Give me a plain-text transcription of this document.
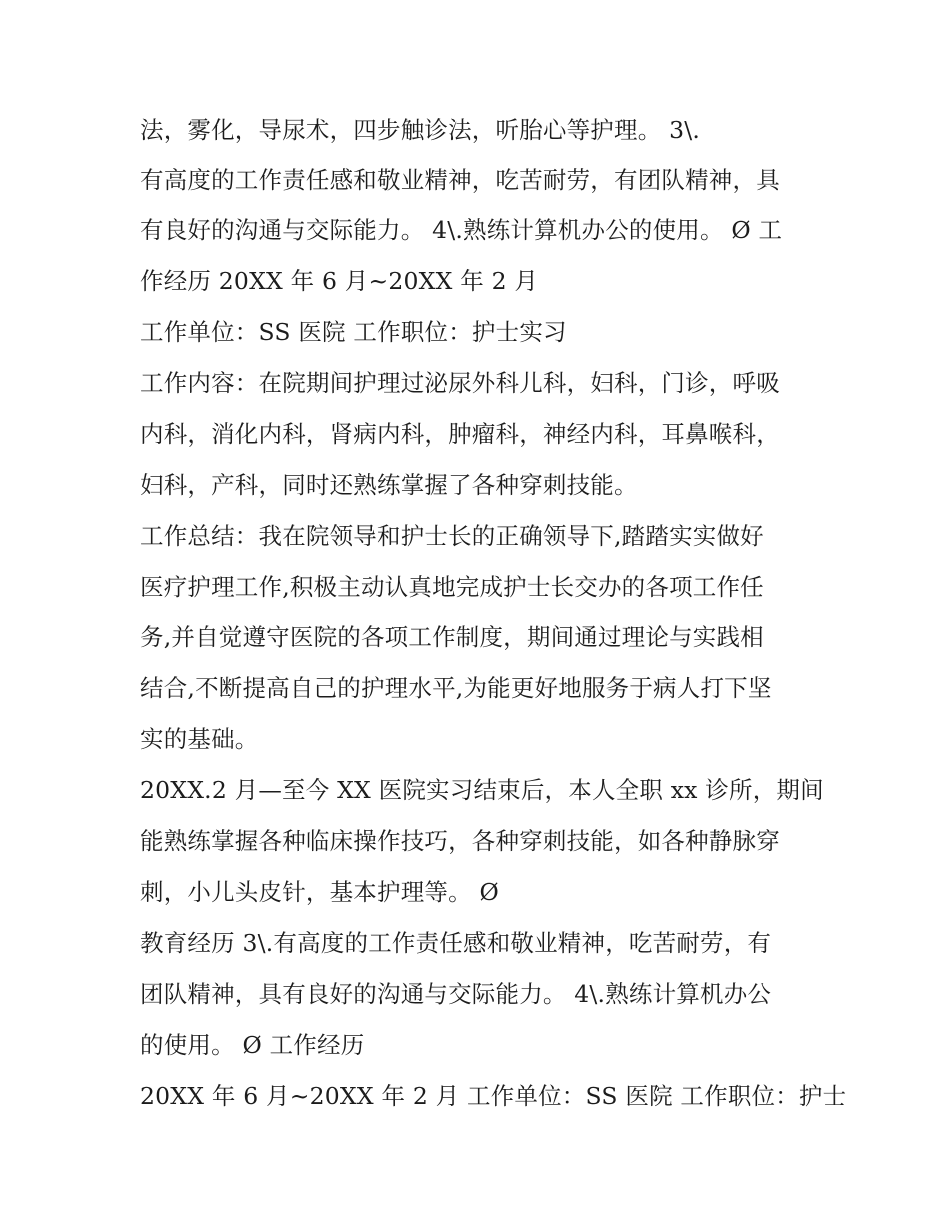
法，雾化，导尿术，四步触诊法，听胎心等护理。 3\.
有高度的工作责任感和敬业精神，吃苦耐劳，有团队精神，具
有良好的沟通与交际能力。 4\.熟练计算机办公的使用。 Ø 工
作经历 20XX 年 6 月~20XX 年 2 月
工作单位：SS 医院 工作职位：护士实习
工作内容：在院期间护理过泌尿外科儿科，妇科，门诊，呼吸
内科，消化内科，肾病内科，肿瘤科，神经内科，耳鼻喉科，
妇科，产科，同时还熟练掌握了各种穿刺技能。
工作总结：我在院领导和护士长的正确领导下,踏踏实实做好
医疗护理工作,积极主动认真地完成护士长交办的各项工作任
务,并自觉遵守医院的各项工作制度，期间通过理论与实践相
结合,不断提高自己的护理水平,为能更好地服务于病人打下坚
实的基础。
20XX.2 月—至今 XX 医院实习结束后，本人全职 xx 诊所，期间
能熟练掌握各种临床操作技巧，各种穿刺技能，如各种静脉穿
刺，小儿头皮针，基本护理等。 Ø
教育经历 3\.有高度的工作责任感和敬业精神，吃苦耐劳，有
团队精神，具有良好的沟通与交际能力。 4\.熟练计算机办公
的使用。 Ø 工作经历
20XX 年 6 月~20XX 年 2 月 工作单位：SS 医院 工作职位：护士
